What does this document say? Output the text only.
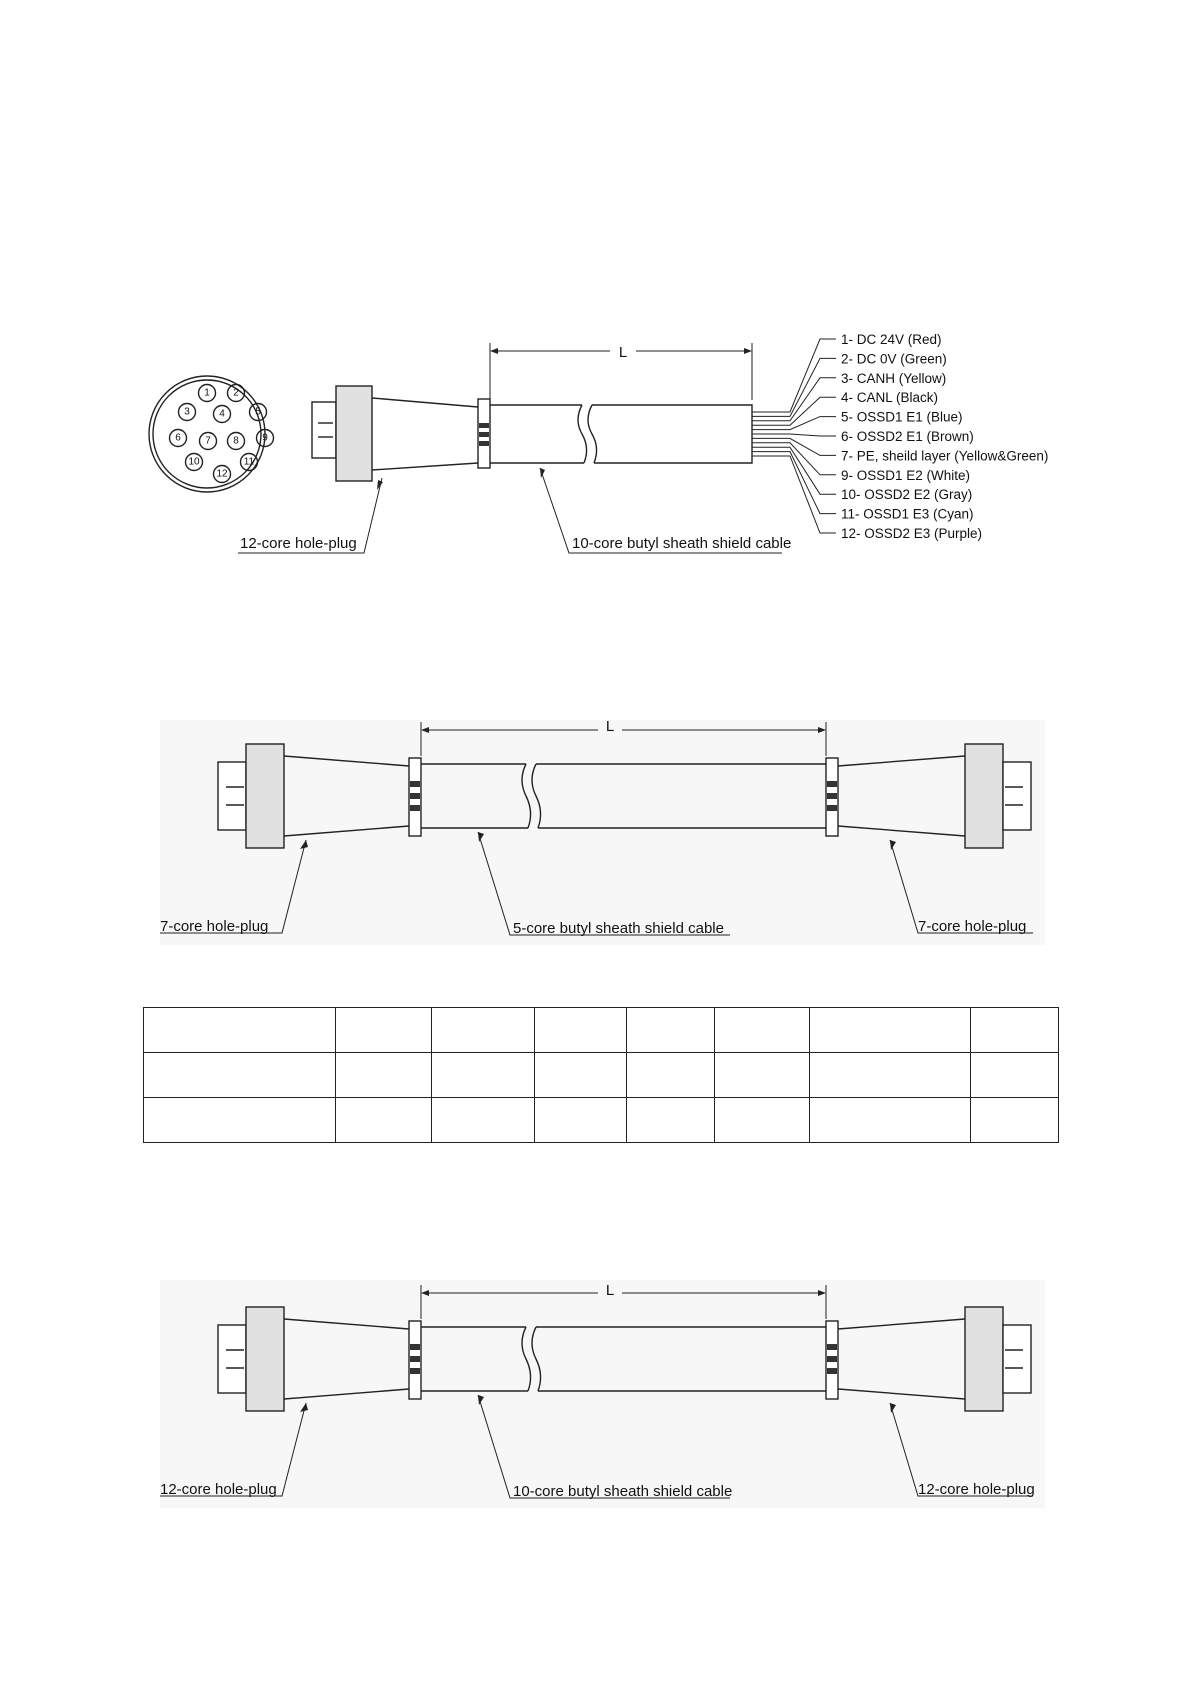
1 2
3	4	5
6 7 8 9
10	11
12
L
1- DC 24V (Red)
2- DC 0V (Green)
3- CANH (Yellow)
4- CANL (Black)
5- OSSD1 E1 (Blue)
6- OSSD2 E1 (Brown)
7- PE, sheild layer (Yellow&Green)
9- OSSD1 E2 (White)
10- OSSD2 E2 (Gray)
11- OSSD1 E3 (Cyan)
12- OSSD2 E3 (Purple)
12-core hole-plug	10-core butyl sheath shield cable
7-core hole-plug	5-core butyl sheath shield cable	7-core hole-plug
L
12-core hole-plug	10-core butyl sheath shield cable	12-core hole-plug
L
